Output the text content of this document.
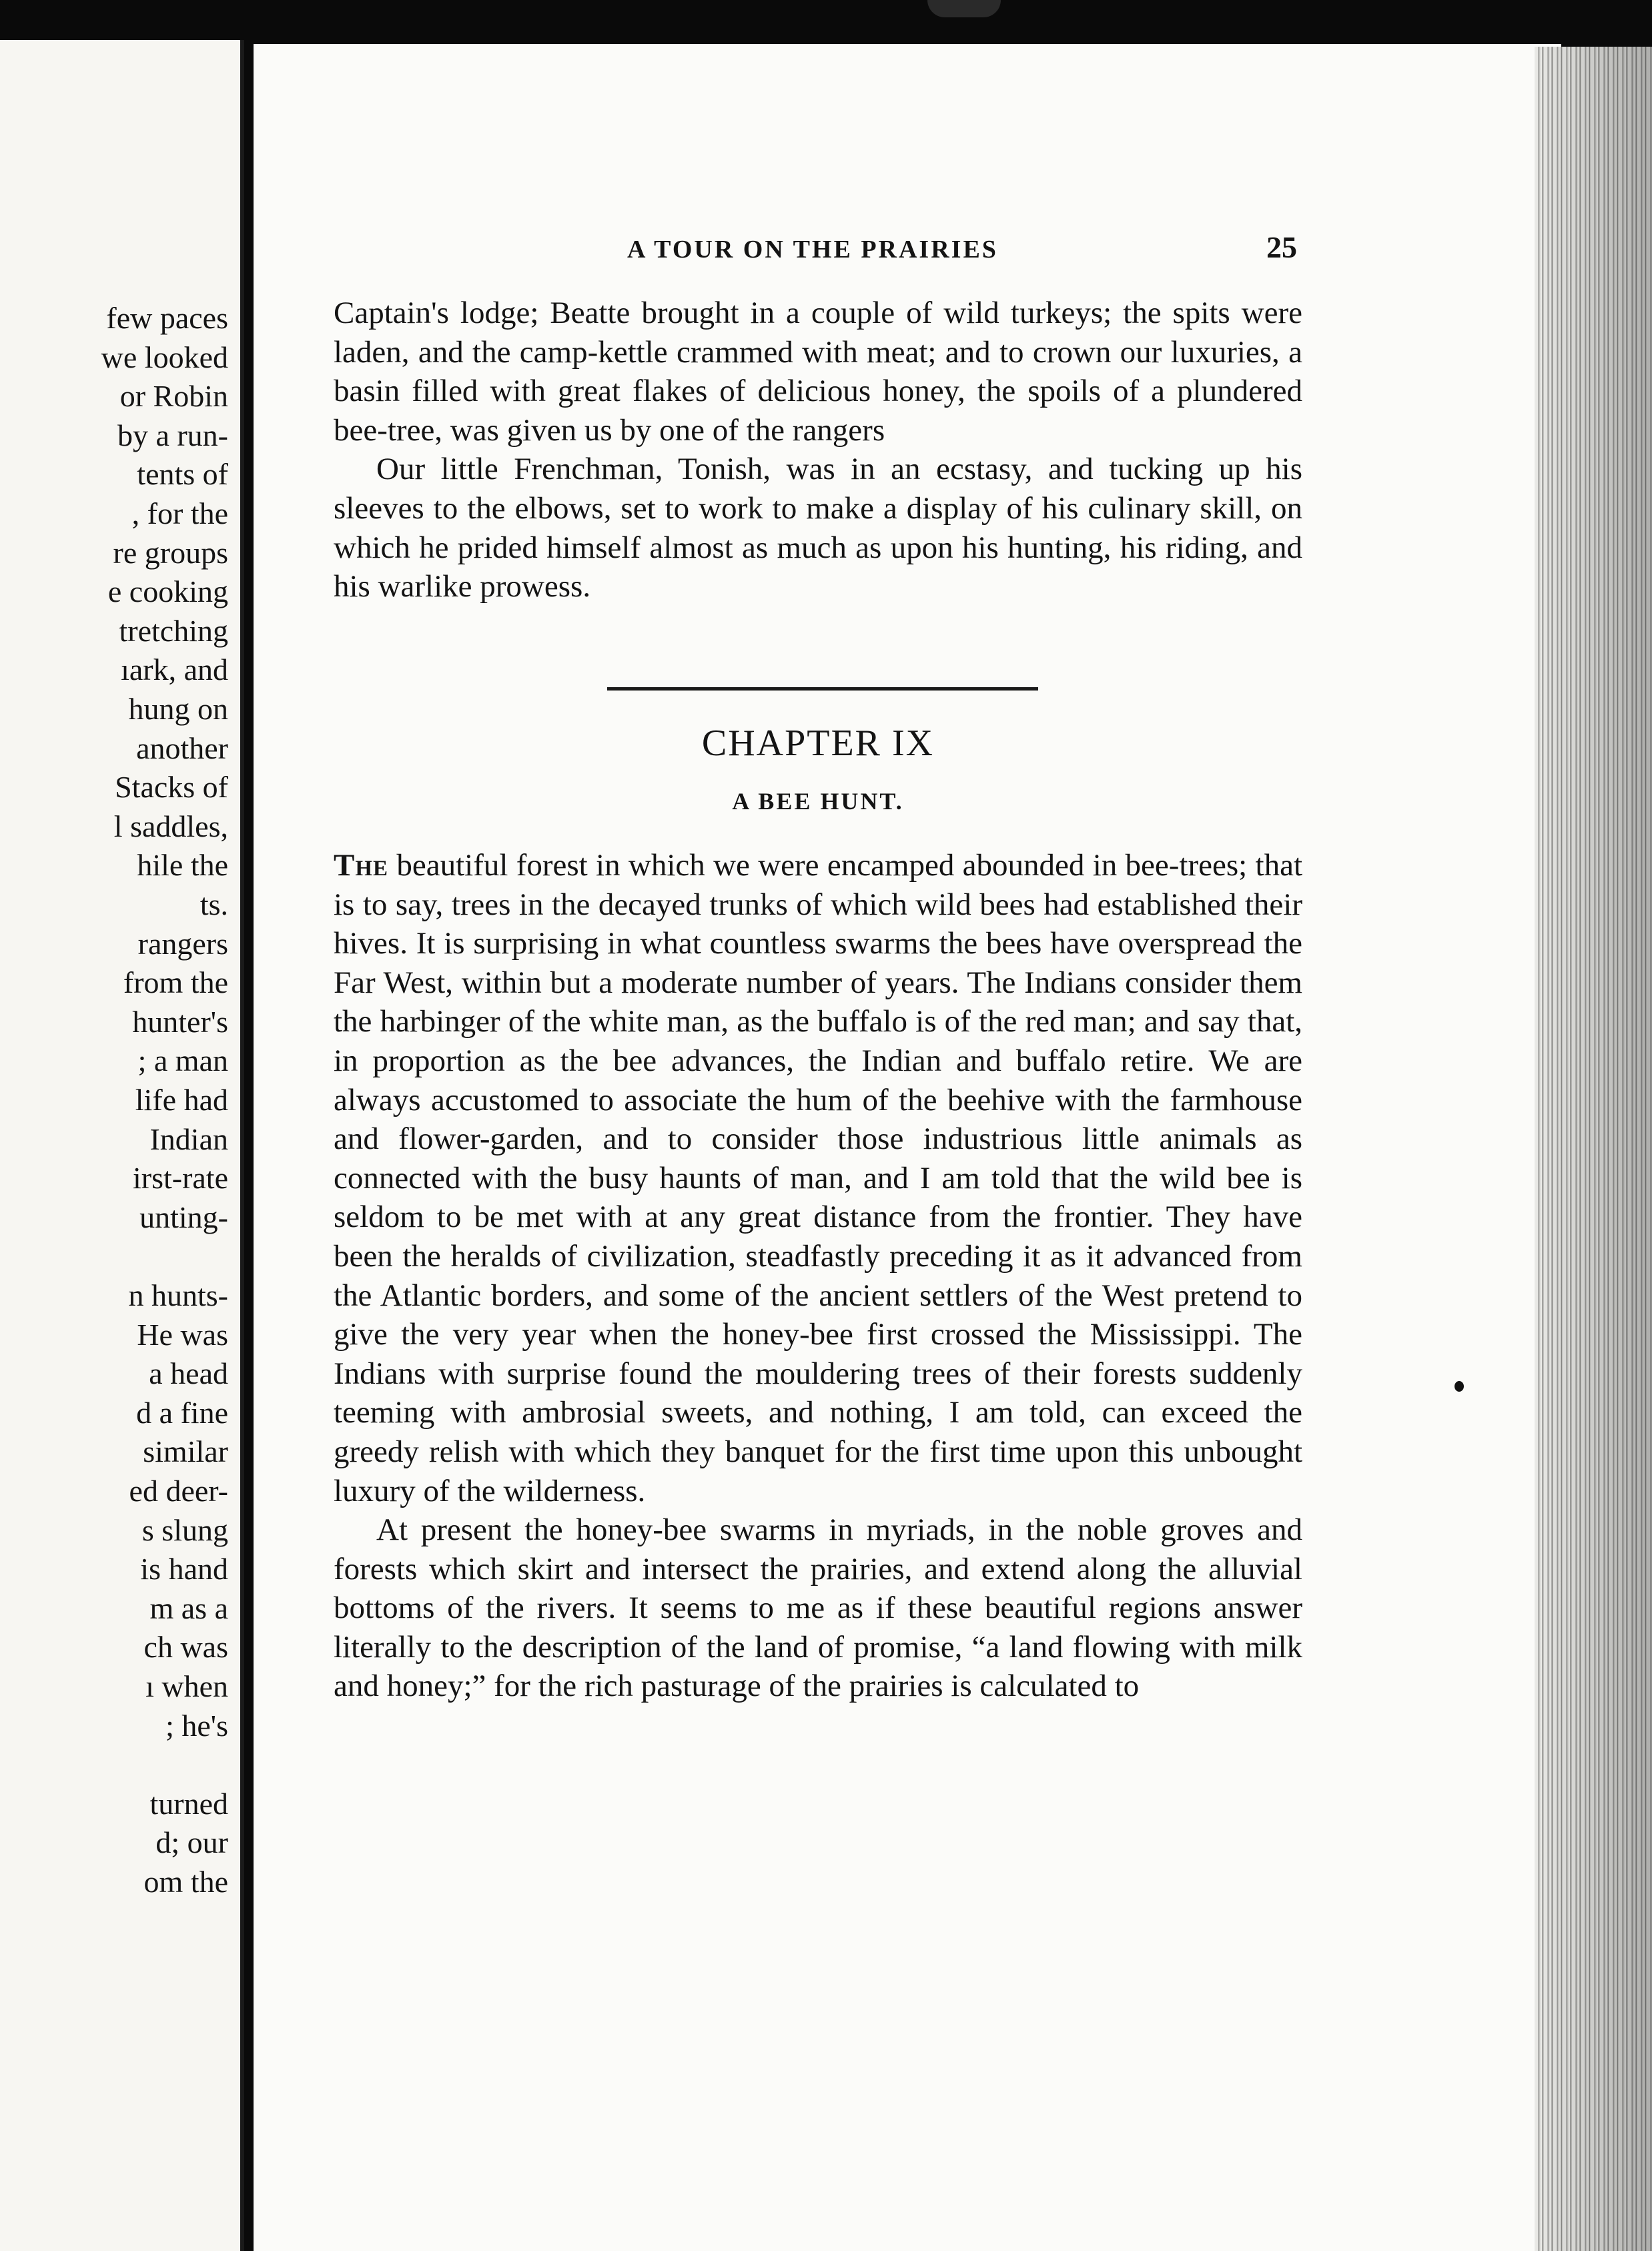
few paces
we looked
or Robin
by a run-
tents of
, for the
re groups
e cooking
tretching
ıark, and
hung on
another
Stacks of
l saddles,
hile the
ts.
rangers
from the
hunter's
; a man
life had
Indian
irst-rate
unting-
n hunts-
He was
a head
d a fine
similar
ed deer-
s slung
is hand
m as a
ch was
ı when
; he's
turned
d; our
om the
A TOUR ON THE PRAIRIES	25

Captain's lodge; Beatte brought in a couple of wild turkeys; the spits were laden, and the camp-kettle crammed with meat; and to crown our luxuries, a basin filled with great flakes of delicious honey, the spoils of a plundered bee-tree, was given us by one of the rangers

Our little Frenchman, Tonish, was in an ecstasy, and tucking up his sleeves to the elbows, set to work to make a display of his culinary skill, on which he prided himself almost as much as upon his hunting, his riding, and his warlike prowess.

CHAPTER IX
A BEE HUNT.

The beautiful forest in which we were encamped abounded in bee-trees; that is to say, trees in the decayed trunks of which wild bees had established their hives. It is surprising in what countless swarms the bees have overspread the Far West, within but a moderate number of years. The Indians consider them the harbinger of the white man, as the buffalo is of the red man; and say that, in proportion as the bee advances, the Indian and buffalo retire. We are always accustomed to associate the hum of the beehive with the farmhouse and flower-garden, and to consider those industrious little animals as connected with the busy haunts of man, and I am told that the wild bee is seldom to be met with at any great distance from the frontier. They have been the heralds of civilization, steadfastly preceding it as it advanced from the Atlantic borders, and some of the ancient settlers of the West pretend to give the very year when the honey-bee first crossed the Mississippi. The Indians with surprise found the mouldering trees of their forests suddenly teeming with ambrosial sweets, and nothing, I am told, can exceed the greedy relish with which they banquet for the first time upon this unbought luxury of the wilderness.

At present the honey-bee swarms in myriads, in the noble groves and forests which skirt and intersect the prairies, and extend along the alluvial bottoms of the rivers. It seems to me as if these beautiful regions answer literally to the description of the land of promise, “a land flowing with milk and honey;” for the rich pasturage of the prairies is calculated to
